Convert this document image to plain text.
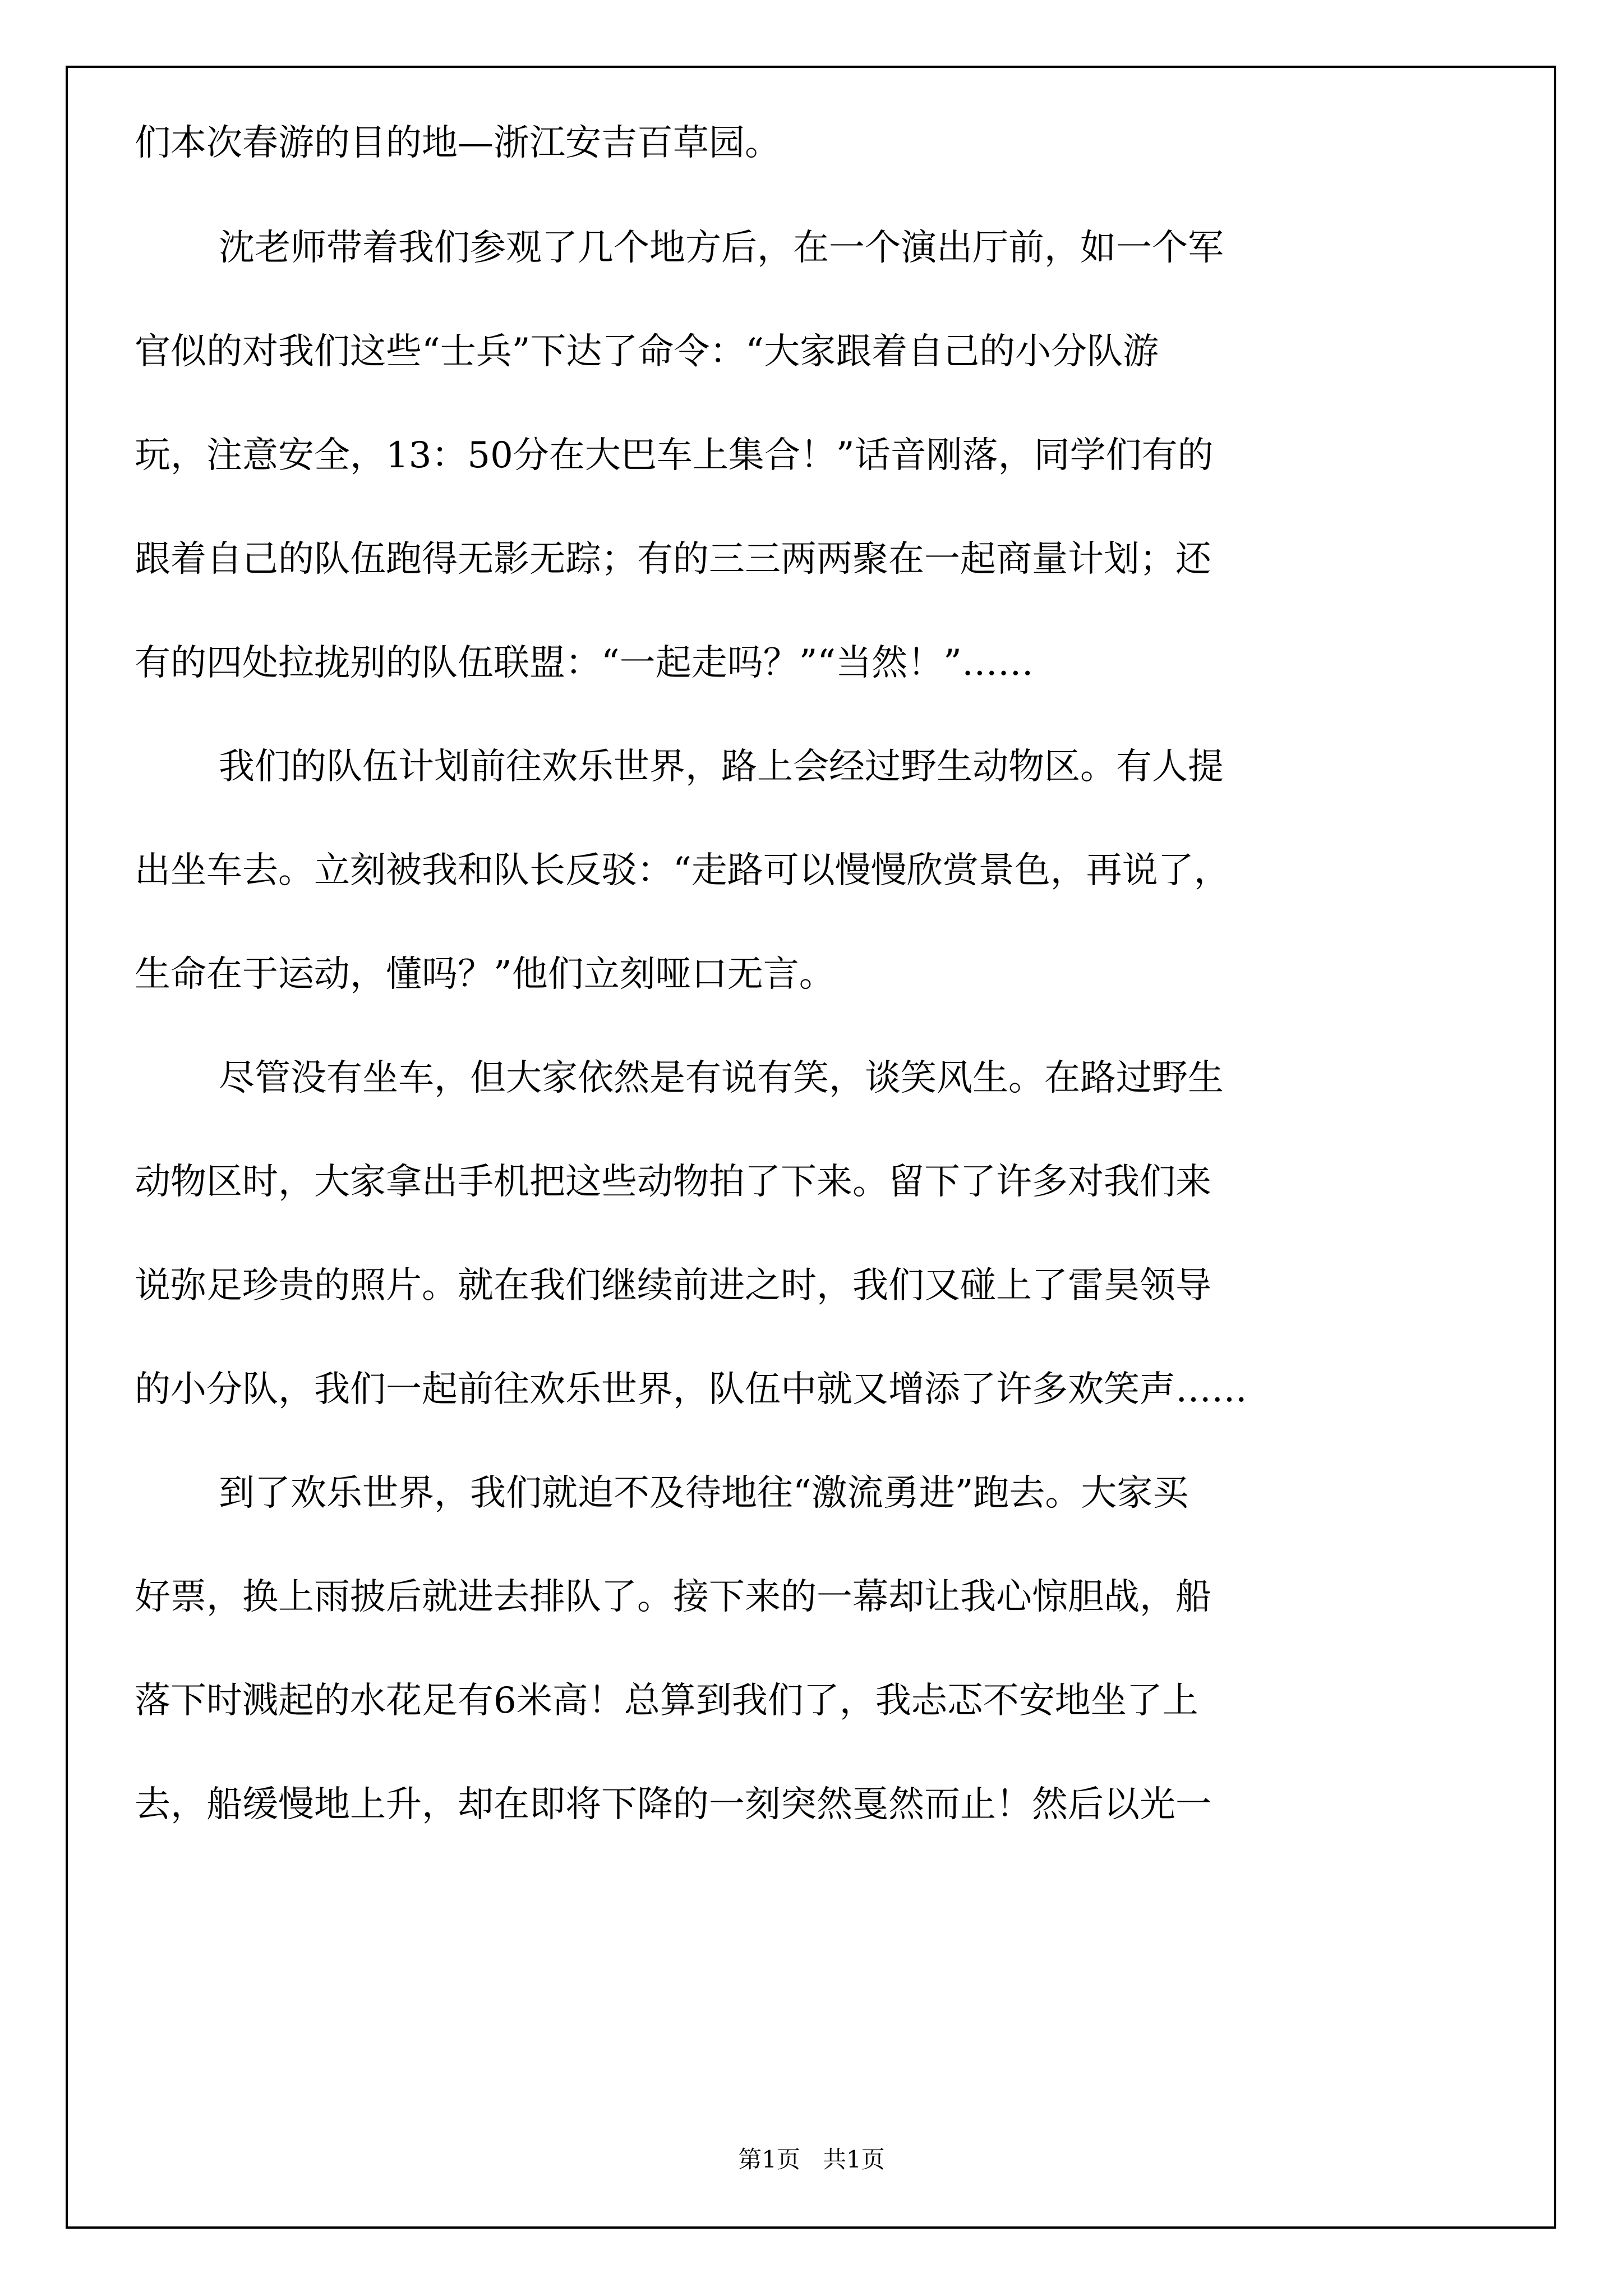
们本次春游的目的地—浙江安吉百草园。
沈老师带着我们参观了几个地方后，在一个演出厅前，如一个军
官似的对我们这些“士兵”下达了命令：“大家跟着自己的小分队游
玩，注意安全，13：50分在大巴车上集合！”话音刚落，同学们有的
跟着自己的队伍跑得无影无踪；有的三三两两聚在一起商量计划；还
有的四处拉拢别的队伍联盟：“一起走吗？”“当然！”……
我们的队伍计划前往欢乐世界，路上会经过野生动物区。有人提
出坐车去。立刻被我和队长反驳：“走路可以慢慢欣赏景色，再说了，
生命在于运动，懂吗？”他们立刻哑口无言。
尽管没有坐车，但大家依然是有说有笑，谈笑风生。在路过野生
动物区时，大家拿出手机把这些动物拍了下来。留下了许多对我们来
说弥足珍贵的照片。就在我们继续前进之时，我们又碰上了雷昊领导
的小分队，我们一起前往欢乐世界，队伍中就又增添了许多欢笑声……
到了欢乐世界，我们就迫不及待地往“激流勇进”跑去。大家买
好票，换上雨披后就进去排队了。接下来的一幕却让我心惊胆战，船
落下时溅起的水花足有6米高！总算到我们了，我忐忑不安地坐了上
去，船缓慢地上升，却在即将下降的一刻突然戛然而止！然后以光一
第1页   共1页
